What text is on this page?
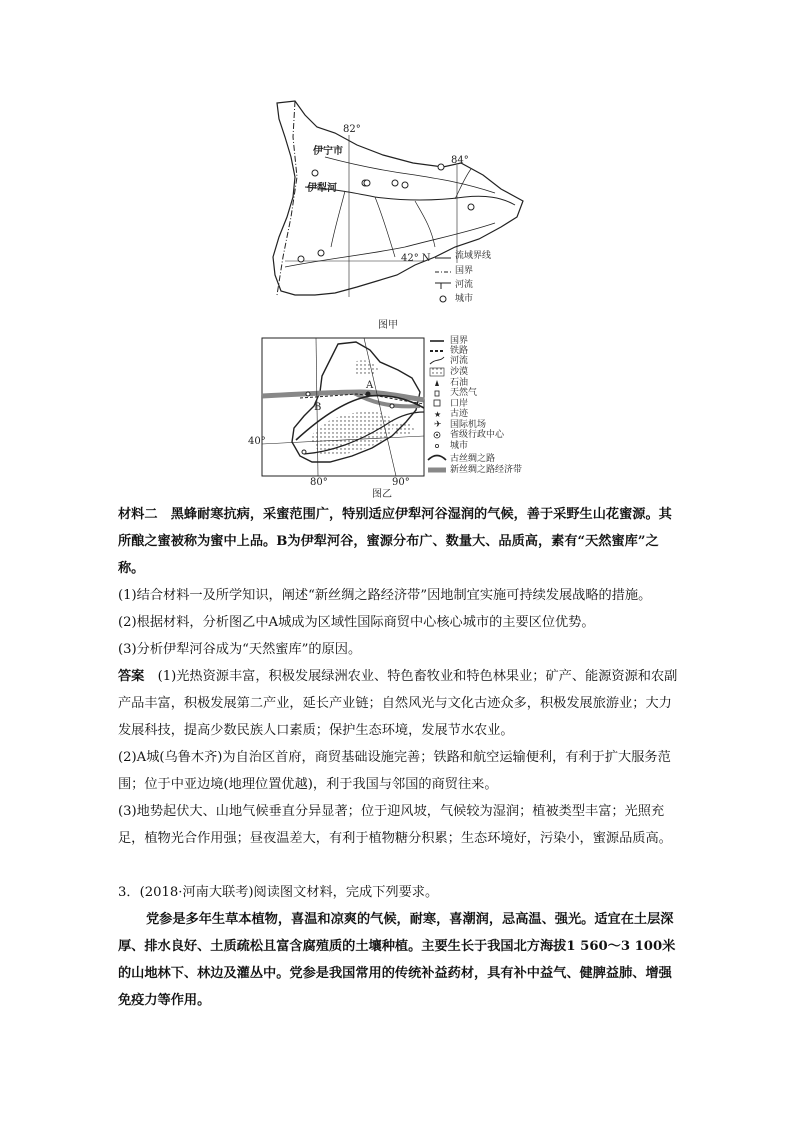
82°
84°
42° N
伊宁市
伊犁河
流域界线
国界
河流
城市
图甲
★
✈
A
B
40°
80°	90°
国界
铁路
河流
沙漠
石油
天然气
口岸
古迹
国际机场
省级行政中心
城市
古丝绸之路
新丝绸之路经济带
图乙
材料二　黑蜂耐寒抗病，采蜜范围广，特别适应伊犁河谷湿润的气候，善于采野生山花蜜源。其所酿之蜜被称为蜜中上品。B为伊犁河谷，蜜源分布广、数量大、品质高，素有“天然蜜库”之称。
(1)结合材料一及所学知识，阐述“新丝绸之路经济带”因地制宜实施可持续发展战略的措施。
(2)根据材料，分析图乙中A城成为区域性国际商贸中心核心城市的主要区位优势。
(3)分析伊犁河谷成为“天然蜜库”的原因。
答案　 (1)光热资源丰富，积极发展绿洲农业、特色畜牧业和特色林果业；矿产、能源资源和农副产品丰富，积极发展第二产业，延长产业链；自然风光与文化古迹众多，积极发展旅游业；大力发展科技，提高少数民族人口素质；保护生态环境，发展节水农业。
(2)A城(乌鲁木齐)为自治区首府，商贸基础设施完善；铁路和航空运输便利，有利于扩大服务范围；位于中亚边境(地理位置优越)，利于我国与邻国的商贸往来。
(3)地势起伏大、山地气候垂直分异显著；位于迎风坡，气候较为湿润；植被类型丰富；光照充足，植物光合作用强；昼夜温差大，有利于植物糖分积累；生态环境好，污染小，蜜源品质高。
3．(2018·河南大联考)阅读图文材料，完成下列要求。
党参是多年生草本植物，喜温和凉爽的气候，耐寒，喜潮润，忌高温、强光。适宜在土层深厚、排水良好、土质疏松且富含腐殖质的土壤种植。主要生长于我国北方海拔1 560～3 100米的山地林下、林边及灌丛中。党参是我国常用的传统补益药材，具有补中益气、健脾益肺、增强免疫力等作用。
